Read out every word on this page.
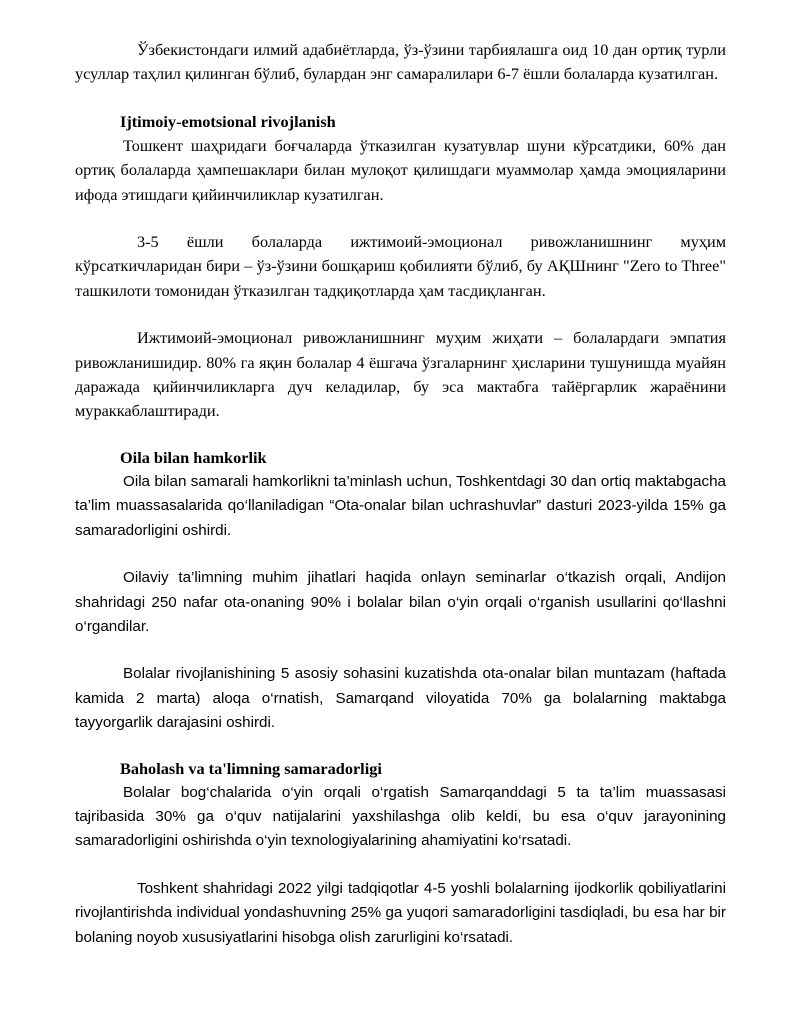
Ўзбекистондаги илмий адабиётларда, ўз-ўзини тарбиялашга оид 10 дан ортиқ турли усуллар таҳлил қилинган бўлиб, булардан энг самаралилари 6-7 ёшли болаларда кузатилган.

Ijtimoiy-emotsional rivojlanish

Тошкент шаҳридаги боғчаларда ўтказилган кузатувлар шуни кўрсатдики, 60% дан ортиқ болаларда ҳампешаклари билан мулоқот қилишдаги муаммолар ҳамда эмоцияларини ифода этишдаги қийинчиликлар кузатилган.

3-5 ёшли болаларда ижтимоий-эмоционал ривожланишнинг муҳим кўрсаткичларидан бири – ўз-ўзини бошқариш қобилияти бўлиб, бу АҚШнинг "Zero to Three" ташкилоти томонидан ўтказилган тадқиқотларда ҳам тасдиқланган.

Ижтимоий-эмоционал ривожланишнинг муҳим жиҳати – болалардаги эмпатия ривожланишидир. 80% га яқин болалар 4 ёшгача ўзгаларнинг ҳисларини тушунишда муайян даражада қийинчиликларга дуч келадилар, бу эса мактабга тайёргарлик жараёнини мураккаблаштиради.

Oila bilan hamkorlik

Oila bilan samarali hamkorlikni ta’minlash uchun, Toshkentdagi 30 dan ortiq maktabgacha ta’lim muassasalarida qo‘llaniladigan “Ota-onalar bilan uchrashuvlar” dasturi 2023-yilda 15% ga samaradorligini oshirdi.

Oilaviy ta’limning muhim jihatlari haqida onlayn seminarlar o‘tkazish orqali, Andijon shahridagi 250 nafar ota-onaning 90% i bolalar bilan o‘yin orqali o‘rganish usullarini qo‘llashni o‘rgandilar.

Bolalar rivojlanishining 5 asosiy sohasini kuzatishda ota-onalar bilan muntazam (haftada kamida 2 marta) aloqa o‘rnatish, Samarqand viloyatida 70% ga bolalarning maktabga tayyorgarlik darajasini oshirdi.

Baholash va ta'limning samaradorligi

Bolalar bog‘chalarida o‘yin orqali o‘rgatish Samarqanddagi 5 ta ta’lim muassasasi tajribasida 30% ga o‘quv natijalarini yaxshilashga olib keldi, bu esa o‘quv jarayonining samaradorligini oshirishda o‘yin texnologiyalarining ahamiyatini ko‘rsatadi.

Toshkent shahridagi 2022 yilgi tadqiqotlar 4-5 yoshli bolalarning ijodkorlik qobiliyatlarini rivojlantirishda individual yondashuvning 25% ga yuqori samaradorligini tasdiqladi, bu esa har bir bolaning noyob xususiyatlarini hisobga olish zarurligini ko‘rsatadi.
